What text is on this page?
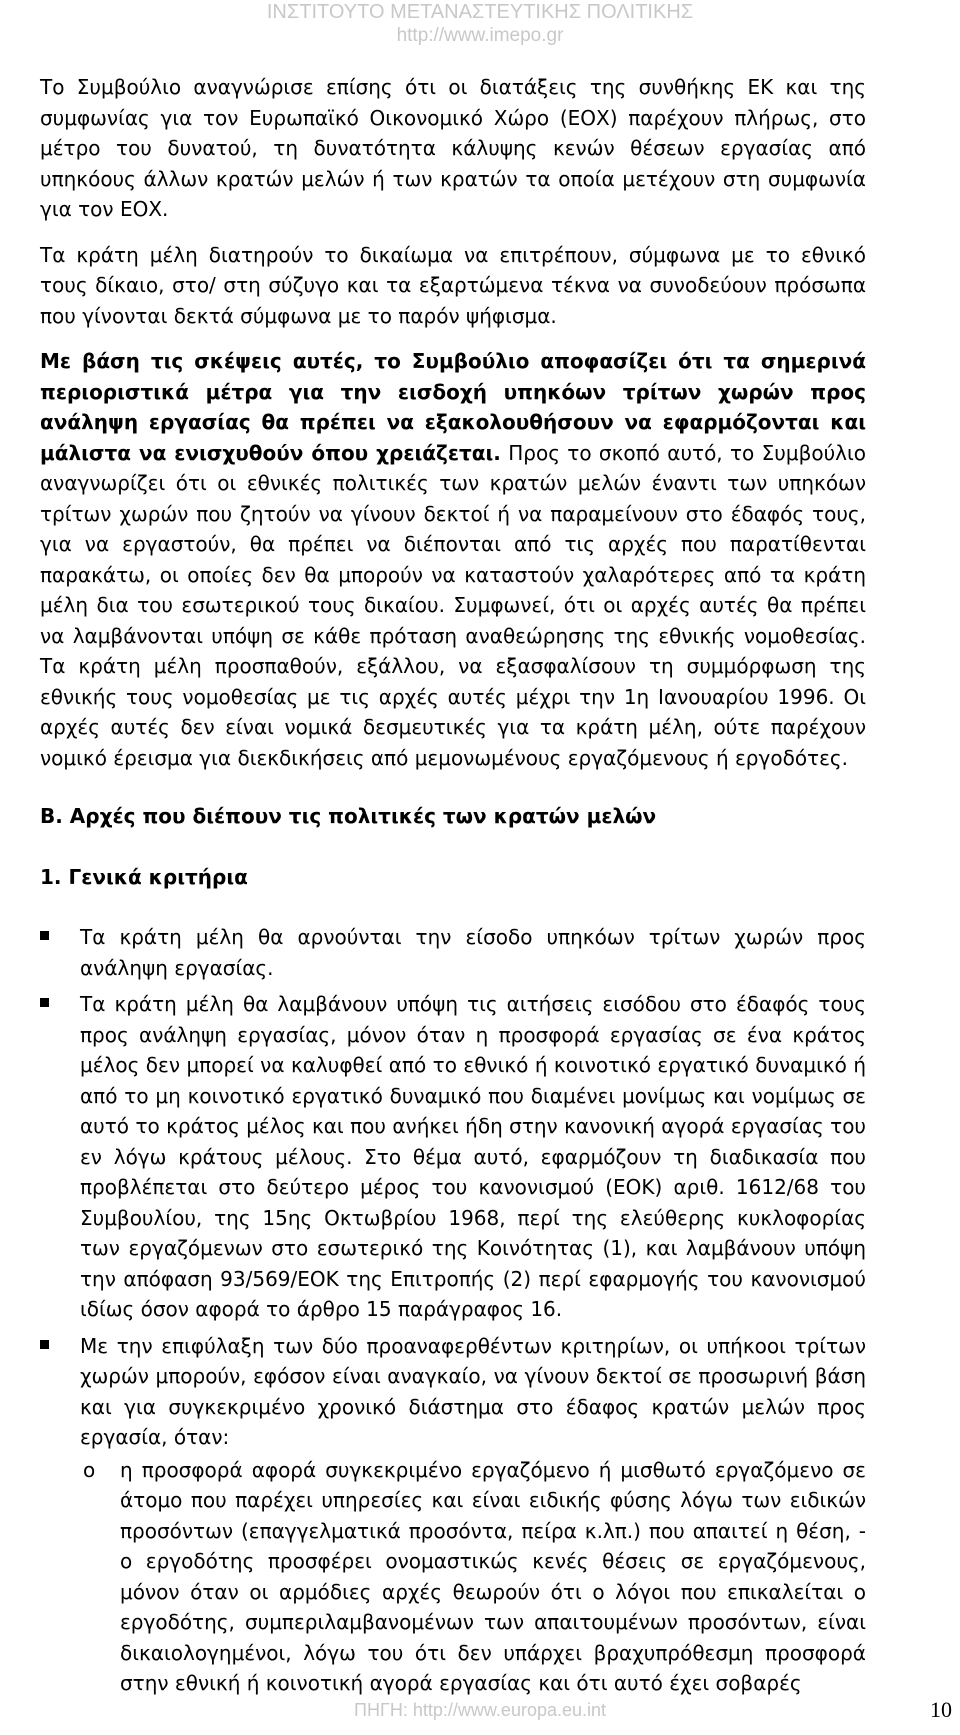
ΙΝΣΤΙΤΟΥΤΟ ΜΕΤΑΝΑΣΤΕΥΤΙΚΗΣ ΠΟΛΙΤΙΚΗΣ
http://www.imepo.gr

Το Συμβούλιο αναγνώρισε επίσης ότι οι διατάξεις της συνθήκης ΕΚ και της συμφωνίας για τον Ευρωπαϊκό Οικονομικό Χώρο (ΕΟΧ) παρέχουν πλήρως, στο μέτρο του δυνατού, τη δυνατότητα κάλυψης κενών θέσεων εργασίας από υπηκόους άλλων κρατών μελών ή των κρατών τα οποία μετέχουν στη συμφωνία για τον ΕΟΧ.

Τα κράτη μέλη διατηρούν το δικαίωμα να επιτρέπουν, σύμφωνα με το εθνικό τους δίκαιο, στο/ στη σύζυγο και τα εξαρτώμενα τέκνα να συνοδεύουν πρόσωπα που γίνονται δεκτά σύμφωνα με το παρόν ψήφισμα.

Με βάση τις σκέψεις αυτές, το Συμβούλιο αποφασίζει ότι τα σημερινά περιοριστικά μέτρα για την εισδοχή υπηκόων τρίτων χωρών προς ανάληψη εργασίας θα πρέπει να εξακολουθήσουν να εφαρμόζονται και μάλιστα να ενισχυθούν όπου χρειάζεται. Προς το σκοπό αυτό, το Συμβούλιο αναγνωρίζει ότι οι εθνικές πολιτικές των κρατών μελών έναντι των υπηκόων τρίτων χωρών που ζητούν να γίνουν δεκτοί ή να παραμείνουν στο έδαφός τους, για να εργαστούν, θα πρέπει να διέπονται από τις αρχές που παρατίθενται παρακάτω, οι οποίες δεν θα μπορούν να καταστούν χαλαρότερες από τα κράτη μέλη δια του εσωτερικού τους δικαίου. Συμφωνεί, ότι οι αρχές αυτές θα πρέπει να λαμβάνονται υπόψη σε κάθε πρόταση αναθεώρησης της εθνικής νομοθεσίας. Τα κράτη μέλη προσπαθούν, εξάλλου, να εξασφαλίσουν τη συμμόρφωση της εθνικής τους νομοθεσίας με τις αρχές αυτές μέχρι την 1η Ιανουαρίου 1996. Οι αρχές αυτές δεν είναι νομικά δεσμευτικές για τα κράτη μέλη, ούτε παρέχουν νομικό έρεισμα για διεκδικήσεις από μεμονωμένους εργαζόμενους ή εργοδότες.

Β. Αρχές που διέπουν τις πολιτικές των κρατών μελών
1. Γενικά κριτήρια
Τα κράτη μέλη θα αρνούνται την είσοδο υπηκόων τρίτων χωρών προς ανάληψη εργασίας.
Τα κράτη μέλη θα λαμβάνουν υπόψη τις αιτήσεις εισόδου στο έδαφός τους προς ανάληψη εργασίας, μόνον όταν η προσφορά εργασίας σε ένα κράτος μέλος δεν μπορεί να καλυφθεί από το εθνικό ή κοινοτικό εργατικό δυναμικό ή από το μη κοινοτικό εργατικό δυναμικό που διαμένει μονίμως και νομίμως σε αυτό το κράτος μέλος και που ανήκει ήδη στην κανονική αγορά εργασίας του εν λόγω κράτους μέλους. Στο θέμα αυτό, εφαρμόζουν τη διαδικασία που προβλέπεται στο δεύτερο μέρος του κανονισμού (ΕΟΚ) αριθ. 1612/68 του Συμβουλίου, της 15ης Οκτωβρίου 1968, περί της ελεύθερης κυκλοφορίας των εργαζόμενων στο εσωτερικό της Κοινότητας (1), και λαμβάνουν υπόψη την απόφαση 93/569/ΕΟΚ της Επιτροπής (2) περί εφαρμογής του κανονισμού ιδίως όσον αφορά το άρθρο 15 παράγραφος 16.
Με την επιφύλαξη των δύο προαναφερθέντων κριτηρίων, οι υπήκοοι τρίτων χωρών μπορούν, εφόσον είναι αναγκαίο, να γίνουν δεκτοί σε προσωρινή βάση και για συγκεκριμένο χρονικό διάστημα στο έδαφος κρατών μελών προς εργασία, όταν:
o η προσφορά αφορά συγκεκριμένο εργαζόμενο ή μισθωτό εργαζόμενο σε άτομο που παρέχει υπηρεσίες και είναι ειδικής φύσης λόγω των ειδικών προσόντων (επαγγελματικά προσόντα, πείρα κ.λπ.) που απαιτεί η θέση, - ο εργοδότης προσφέρει ονομαστικώς κενές θέσεις σε εργαζόμενους, μόνον όταν οι αρμόδιες αρχές θεωρούν ότι ο λόγοι που επικαλείται ο εργοδότης, συμπεριλαμβανομένων των απαιτουμένων προσόντων, είναι δικαιολογημένοι, λόγω του ότι δεν υπάρχει βραχυπρόθεσμη προσφορά στην εθνική ή κοινοτική αγορά εργασίας και ότι αυτό έχει σοβαρές
ΠΗΓΗ: http://www.europa.eu.int	10
